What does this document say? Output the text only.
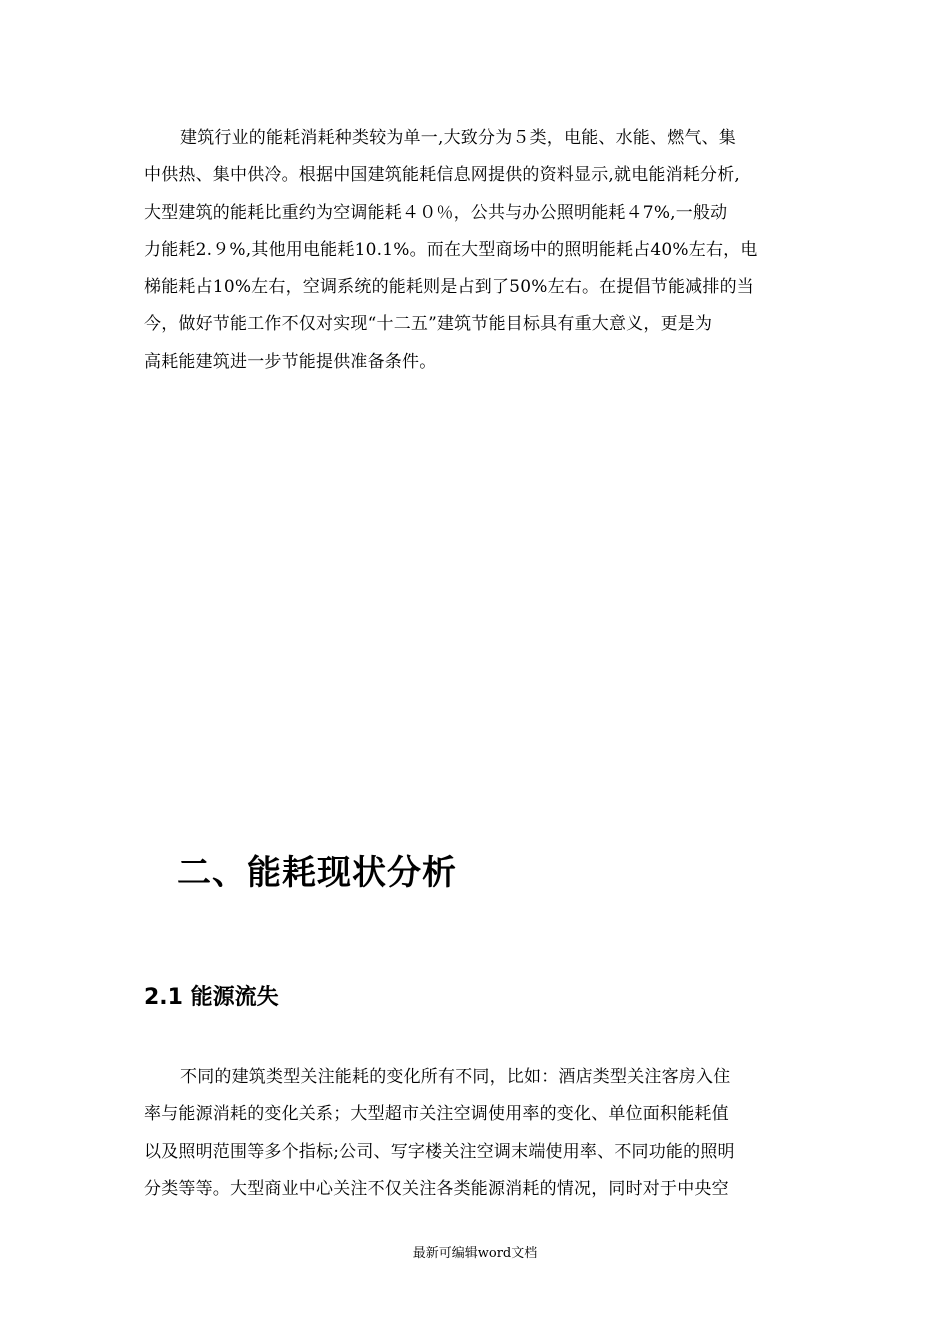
建筑行业的能耗消耗种类较为单一,大致分为５类，电能、水能、燃气、集
中供热、集中供冷。根据中国建筑能耗信息网提供的资料显示,就电能消耗分析,
大型建筑的能耗比重约为空调能耗４０％，公共与办公照明能耗４7%,一般动
力能耗2.９%,其他用电能耗10.1%。而在大型商场中的照明能耗占40%左右，电
梯能耗占10%左右，空调系统的能耗则是占到了50%左右。在提倡节能减排的当
今，做好节能工作不仅对实现“十二五”建筑节能目标具有重大意义，更是为
高耗能建筑进一步节能提供准备条件。
二、能耗现状分析
2.1 能源流失
不同的建筑类型关注能耗的变化所有不同，比如：酒店类型关注客房入住
率与能源消耗的变化关系；大型超市关注空调使用率的变化、单位面积能耗值
以及照明范围等多个指标;公司、写字楼关注空调末端使用率、不同功能的照明
分类等等。大型商业中心关注不仅关注各类能源消耗的情况，同时对于中央空
最新可编辑word文档
